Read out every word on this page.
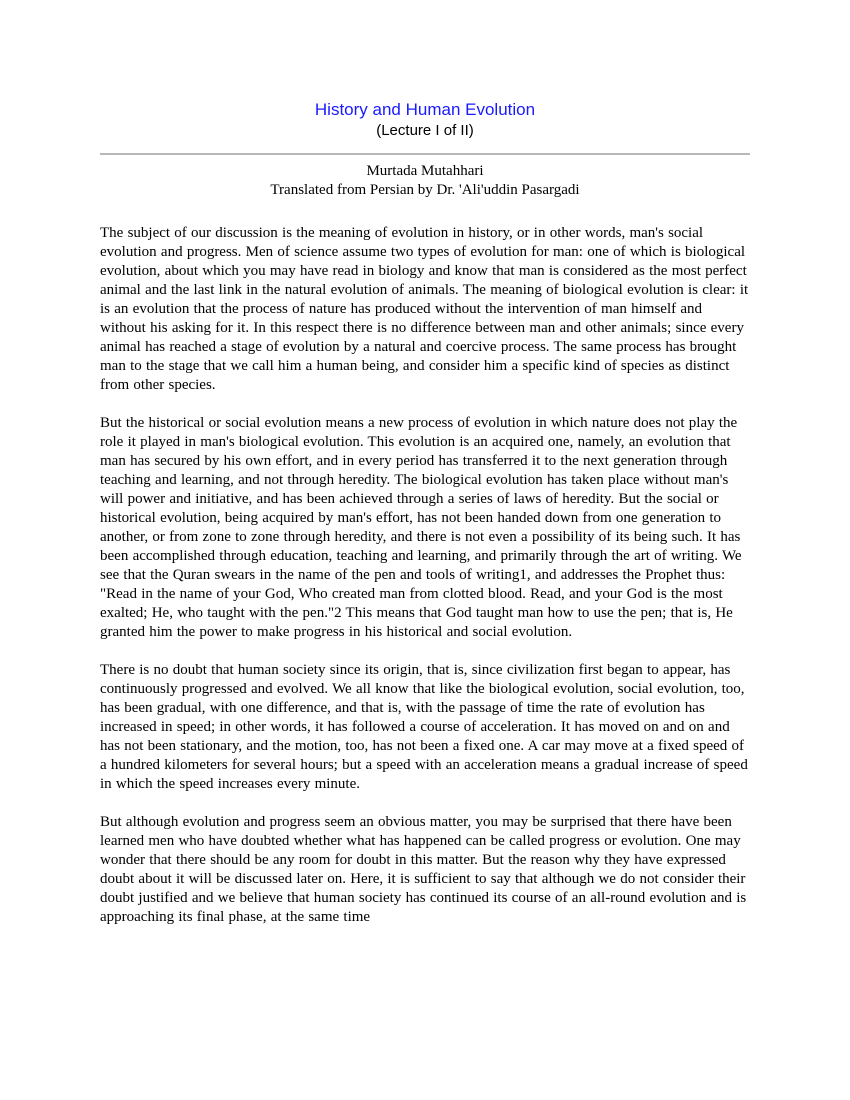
History and Human Evolution
(Lecture I of II)
Murtada Mutahhari
Translated from Persian by Dr. 'Ali'uddin Pasargadi

The subject of our discussion is the meaning of evolution in history, or in other words, man's social evolution and progress. Men of science assume two types of evolution for man: one of which is biological evolution, about which you may have read in biology and know that man is considered as the most perfect animal and the last link in the natural evolution of animals. The meaning of biological evolution is clear: it is an evolution that the process of nature has produced without the intervention of man himself and without his asking for it. In this respect there is no difference between man and other animals; since every animal has reached a stage of evolution by a natural and coercive process. The same process has brought man to the stage that we call him a human being, and consider him a specific kind of species as distinct from other species.

But the historical or social evolution means a new process of evolution in which nature does not play the role it played in man's biological evolution. This evolution is an acquired one, namely, an evolution that man has secured by his own effort, and in every period has transferred it to the next generation through teaching and learning, and not through heredity. The biological evolution has taken place without man's will power and initiative, and has been achieved through a series of laws of heredity. But the social or historical evolution, being acquired by man's effort, has not been handed down from one generation to another, or from zone to zone through heredity, and there is not even a possibility of its being such. It has been accomplished through education, teaching and learning, and primarily through the art of writing. We see that the Quran swears in the name of the pen and tools of writing1, and addresses the Prophet thus: "Read in the name of your God, Who created man from clotted blood. Read, and your God is the most exalted; He, who taught with the pen."2 This means that God taught man how to use the pen; that is, He granted him the power to make progress in his historical and social evolution.

There is no doubt that human society since its origin, that is, since civilization first began to appear, has continuously progressed and evolved. We all know that like the biological evolution, social evolution, too, has been gradual, with one difference, and that is, with the passage of time the rate of evolution has increased in speed; in other words, it has followed a course of acceleration. It has moved on and on and has not been stationary, and the motion, too, has not been a fixed one. A car may move at a fixed speed of a hundred kilometers for several hours; but a speed with an acceleration means a gradual increase of speed in which the speed increases every minute.

But although evolution and progress seem an obvious matter, you may be surprised that there have been learned men who have doubted whether what has happened can be called progress or evolution. One may wonder that there should be any room for doubt in this matter. But the reason why they have expressed doubt about it will be discussed later on. Here, it is sufficient to say that although we do not consider their doubt justified and we believe that human society has continued its course of an all-round evolution and is approaching its final phase, at the same time
